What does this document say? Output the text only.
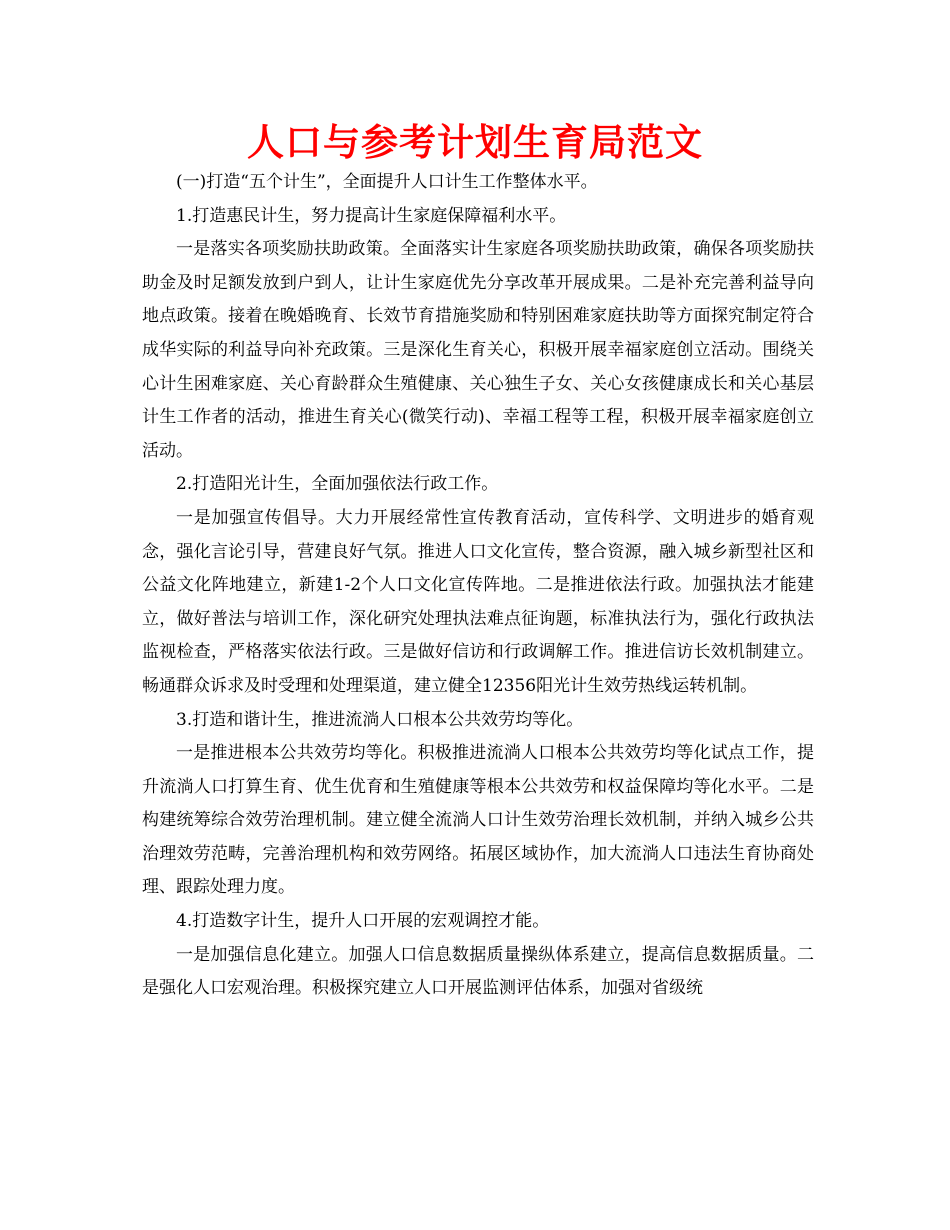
人口与参考计划生育局范文

(一)打造“五个计生”，全面提升人口计生工作整体水平。

1.打造惠民计生，努力提高计生家庭保障福利水平。

一是落实各项奖励扶助政策。全面落实计生家庭各项奖励扶助政策，确保各项奖励扶助金及时足额发放到户到人，让计生家庭优先分享改革开展成果。二是补充完善利益导向地点政策。接着在晚婚晚育、长效节育措施奖励和特别困难家庭扶助等方面探究制定符合成华实际的利益导向补充政策。三是深化生育关心，积极开展幸福家庭创立活动。围绕关心计生困难家庭、关心育龄群众生殖健康、关心独生子女、关心女孩健康成长和关心基层计生工作者的活动，推进生育关心(微笑行动)、幸福工程等工程，积极开展幸福家庭创立活动。

2.打造阳光计生，全面加强依法行政工作。

一是加强宣传倡导。大力开展经常性宣传教育活动，宣传科学、文明进步的婚育观念，强化言论引导，营建良好气氛。推进人口文化宣传，整合资源，融入城乡新型社区和公益文化阵地建立，新建1-2个人口文化宣传阵地。二是推进依法行政。加强执法才能建立，做好普法与培训工作，深化研究处理执法难点征询题，标准执法行为，强化行政执法监视检查，严格落实依法行政。三是做好信访和行政调解工作。推进信访长效机制建立。畅通群众诉求及时受理和处理渠道，建立健全12356阳光计生效劳热线运转机制。

3.打造和谐计生，推进流淌人口根本公共效劳均等化。

一是推进根本公共效劳均等化。积极推进流淌人口根本公共效劳均等化试点工作，提升流淌人口打算生育、优生优育和生殖健康等根本公共效劳和权益保障均等化水平。二是构建统筹综合效劳治理机制。建立健全流淌人口计生效劳治理长效机制，并纳入城乡公共治理效劳范畴，完善治理机构和效劳网络。拓展区域协作，加大流淌人口违法生育协商处理、跟踪处理力度。

4.打造数字计生，提升人口开展的宏观调控才能。

一是加强信息化建立。加强人口信息数据质量操纵体系建立，提高信息数据质量。二是强化人口宏观治理。积极探究建立人口开展监测评估体系，加强对省级统
